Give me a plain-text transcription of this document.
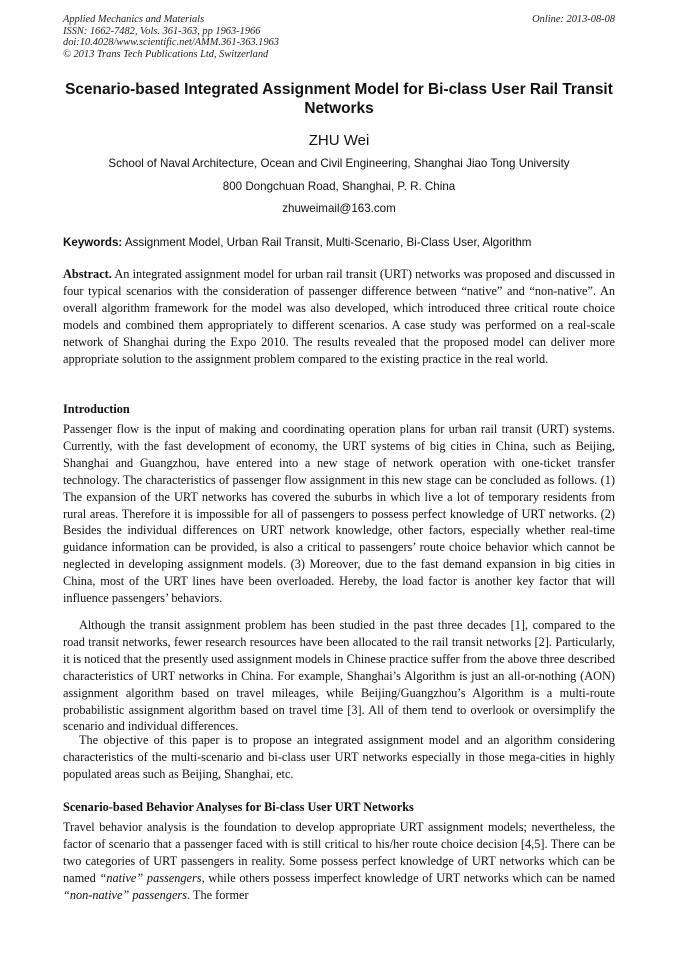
Applied Mechanics and Materials
ISSN: 1662-7482, Vols. 361-363, pp 1963-1966
doi:10.4028/www.scientific.net/AMM.361-363.1963
© 2013 Trans Tech Publications Ltd, Switzerland
Online: 2013-08-08
Scenario-based Integrated Assignment Model for Bi-class User Rail Transit Networks
ZHU Wei
School of Naval Architecture, Ocean and Civil Engineering, Shanghai Jiao Tong University
800 Dongchuan Road, Shanghai, P. R. China
zhuweimail@163.com
Keywords: Assignment Model, Urban Rail Transit, Multi-Scenario, Bi-Class User, Algorithm
Abstract. An integrated assignment model for urban rail transit (URT) networks was proposed and discussed in four typical scenarios with the consideration of passenger difference between “native” and “non-native”. An overall algorithm framework for the model was also developed, which introduced three critical route choice models and combined them appropriately to different scenarios. A case study was performed on a real-scale network of Shanghai during the Expo 2010. The results revealed that the proposed model can deliver more appropriate solution to the assignment problem compared to the existing practice in the real world.
Introduction
Passenger flow is the input of making and coordinating operation plans for urban rail transit (URT) systems. Currently, with the fast development of economy, the URT systems of big cities in China, such as Beijing, Shanghai and Guangzhou, have entered into a new stage of network operation with one-ticket transfer technology. The characteristics of passenger flow assignment in this new stage can be concluded as follows. (1) The expansion of the URT networks has covered the suburbs in which live a lot of temporary residents from rural areas. Therefore it is impossible for all of passengers to possess perfect knowledge of URT networks. (2) Besides the individual differences on URT network knowledge, other factors, especially whether real-time guidance information can be provided, is also a critical to passengers’ route choice behavior which cannot be neglected in developing assignment models. (3) Moreover, due to the fast demand expansion in big cities in China, most of the URT lines have been overloaded. Hereby, the load factor is another key factor that will influence passengers’ behaviors.
Although the transit assignment problem has been studied in the past three decades [1], compared to the road transit networks, fewer research resources have been allocated to the rail transit networks [2]. Particularly, it is noticed that the presently used assignment models in Chinese practice suffer from the above three described characteristics of URT networks in China. For example, Shanghai’s Algorithm is just an all-or-nothing (AON) assignment algorithm based on travel mileages, while Beijing/Guangzhou’s Algorithm is a multi-route probabilistic assignment algorithm based on travel time [3]. All of them tend to overlook or oversimplify the scenario and individual differences.
The objective of this paper is to propose an integrated assignment model and an algorithm considering characteristics of the multi-scenario and bi-class user URT networks especially in those mega-cities in highly populated areas such as Beijing, Shanghai, etc.
Scenario-based Behavior Analyses for Bi-class User URT Networks
Travel behavior analysis is the foundation to develop appropriate URT assignment models; nevertheless, the factor of scenario that a passenger faced with is still critical to his/her route choice decision [4,5]. There can be two categories of URT passengers in reality. Some possess perfect knowledge of URT networks which can be named “native” passengers, while others possess imperfect knowledge of URT networks which can be named “non-native” passengers. The former
